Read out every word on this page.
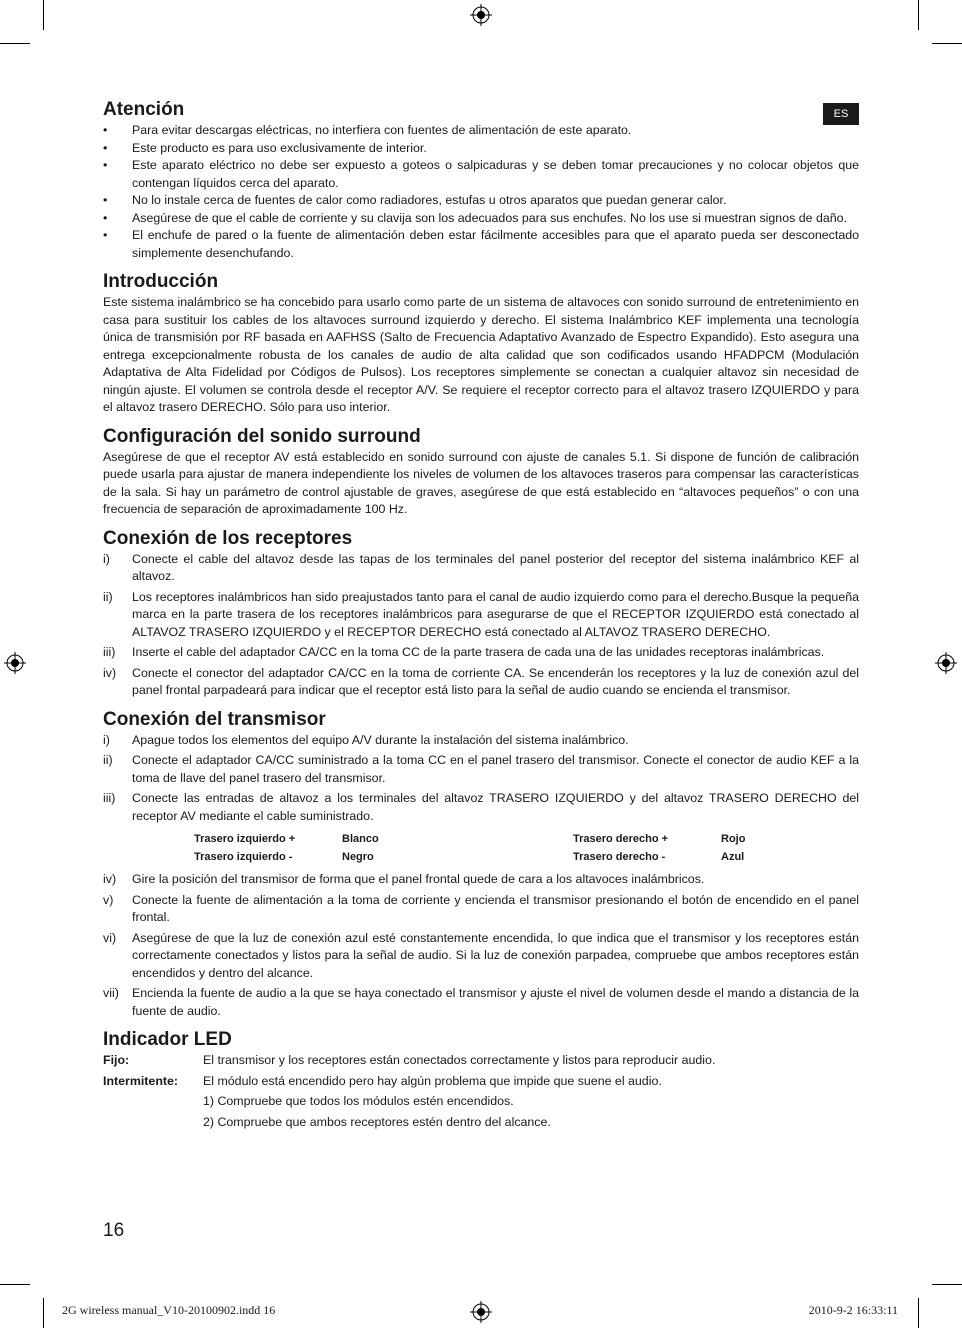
ES
Atención
•	Para evitar descargas eléctricas, no interfiera con fuentes de alimentación de este aparato.
•	Este producto es para uso exclusivamente de interior.
•	Este aparato eléctrico no debe ser expuesto a goteos o salpicaduras y se deben tomar precauciones y no colocar objetos que contengan líquidos cerca del aparato.
•	No lo instale cerca de fuentes de calor como radiadores, estufas u otros aparatos que puedan generar calor.
•	Asegúrese de que el cable de corriente y su clavija son los adecuados para sus enchufes. No los use si muestran signos de daño.
•	El enchufe de pared o la fuente de alimentación deben estar fácilmente accesibles para que el aparato pueda ser desconectado simplemente desenchufando.
Introducción

Este sistema inalámbrico se ha concebido para usarlo como parte de un sistema de altavoces con sonido surround de entretenimiento en casa para sustituir los cables de los altavoces surround izquierdo y derecho. El sistema Inalámbrico KEF implementa una tecnología única de transmisión por RF basada en AAFHSS (Salto de Frecuencia Adaptativo Avanzado de Espectro Expandido). Esto asegura una entrega excepcionalmente robusta de los canales de audio de alta calidad que son codificados usando HFADPCM (Modulación Adaptativa de Alta Fidelidad por Códigos de Pulsos). Los receptores simplemente se conectan a cualquier altavoz sin necesidad de ningún ajuste. El volumen se controla desde el receptor A/V. Se requiere el receptor correcto para el altavoz trasero IZQUIERDO y para el altavoz trasero DERECHO. Sólo para uso interior.

Configuración del sonido surround

Asegúrese de que el receptor AV está establecido en sonido surround con ajuste de canales 5.1. Si dispone de función de calibración puede usarla para ajustar de manera independiente los niveles de volumen de los altavoces traseros para compensar las características de la sala. Si hay un parámetro de control ajustable de graves, asegúrese de que está establecido en “altavoces pequeños” o con una frecuencia de separación de aproximadamente 100 Hz.

Conexión de los receptores
i)	Conecte el cable del altavoz desde las tapas de los terminales del panel posterior del receptor del sistema inalámbrico KEF al altavoz.
ii)	Los receptores inalámbricos han sido preajustados tanto para el canal de audio izquierdo como para el derecho.Busque la pequeña marca en la parte trasera de los receptores inalámbricos para asegurarse de que el RECEPTOR IZQUIERDO está conectado al ALTAVOZ TRASERO IZQUIERDO y el RECEPTOR DERECHO está conectado al ALTAVOZ TRASERO DERECHO.
iii)	Inserte el cable del adaptador CA/CC en la toma CC de la parte trasera de cada una de las unidades receptoras inalámbricas.
iv)	Conecte el conector del adaptador CA/CC en la toma de corriente CA. Se encenderán los receptores y la luz de conexión azul del panel frontal parpadeará para indicar que el receptor está listo para la señal de audio cuando se encienda el transmisor.
Conexión del transmisor
i)	Apague todos los elementos del equipo A/V durante la instalación del sistema inalámbrico.
ii)	Conecte el adaptador CA/CC suministrado a la toma CC en el panel trasero del transmisor. Conecte el conector de audio KEF a la toma de llave del panel trasero del transmisor.
iii)	Conecte las entradas de altavoz a los terminales del altavoz TRASERO IZQUIERDO y del altavoz TRASERO DERECHO del receptor AV mediante el cable suministrado.
Trasero izquierdo +	Blanco	Trasero derecho +	Rojo
Trasero izquierdo -	Negro	Trasero derecho -	Azul
iv)	Gire la posición del transmisor de forma que el panel frontal quede de cara a los altavoces inalámbricos.
v)	Conecte la fuente de alimentación a la toma de corriente y encienda el transmisor presionando el botón de encendido en el panel frontal.
vi)	Asegúrese de que la luz de conexión azul esté constantemente encendida, lo que indica que el transmisor y los receptores están correctamente conectados y listos para la señal de audio. Si la luz de conexión parpadea, compruebe que ambos receptores están encendidos y dentro del alcance.
vii)	Encienda la fuente de audio a la que se haya conectado el transmisor y ajuste el nivel de volumen desde el mando a distancia de la fuente de audio.
Indicador LED
Fijo:	El transmisor y los receptores están conectados correctamente y listos para reproducir audio.
Intermitente:	El módulo está encendido pero hay algún problema que impide que suene el audio.
1) Compruebe que todos los módulos estén encendidos.
2) Compruebe que ambos receptores estén dentro del alcance.
16
2G wireless manual_V10-20100902.indd 16	2010-9-2 16:33:11
